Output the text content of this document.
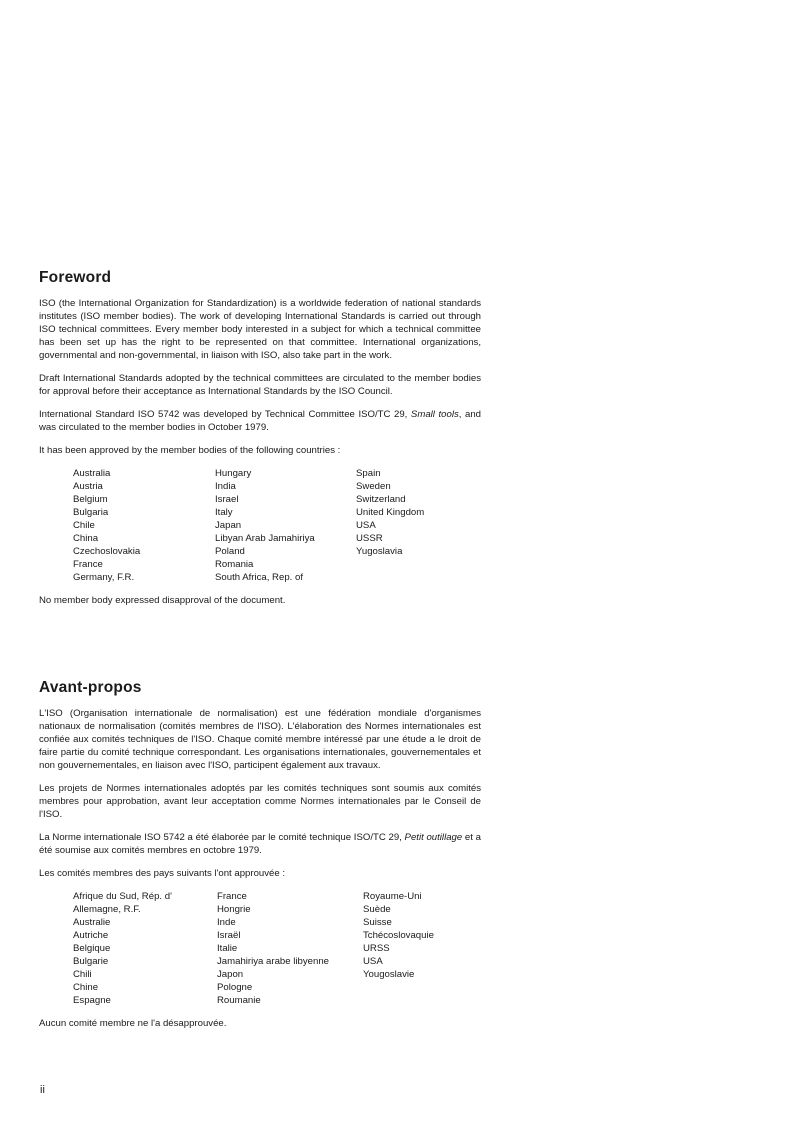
Foreword

ISO (the International Organization for Standardization) is a worldwide federation of national standards institutes (ISO member bodies). The work of developing International Standards is carried out through ISO technical committees. Every member body interested in a subject for which a technical committee has been set up has the right to be represented on that committee. International organizations, governmental and non-governmental, in liaison with ISO, also take part in the work.

Draft International Standards adopted by the technical committees are circulated to the member bodies for approval before their acceptance as International Standards by the ISO Council.

International Standard ISO 5742 was developed by Technical Committee ISO/TC 29, Small tools, and was circulated to the member bodies in October 1979.

It has been approved by the member bodies of the following countries :

Australia
Austria
Belgium
Bulgaria
Chile
China
Czechoslovakia
France
Germany, F.R.
Hungary
India
Israel
Italy
Japan
Libyan Arab Jamahiriya
Poland
Romania
South Africa, Rep. of
Spain
Sweden
Switzerland
United Kingdom
USA
USSR
Yugoslavia

No member body expressed disapproval of the document.

Avant-propos

L'ISO (Organisation internationale de normalisation) est une fédération mondiale d'organismes nationaux de normalisation (comités membres de l'ISO). L'élaboration des Normes internationales est confiée aux comités techniques de l'ISO. Chaque comité membre intéressé par une étude a le droit de faire partie du comité technique correspondant. Les organisations internationales, gouvernementales et non gouvernementales, en liaison avec l'ISO, participent également aux travaux.

Les projets de Normes internationales adoptés par les comités techniques sont soumis aux comités membres pour approbation, avant leur acceptation comme Normes internationales par le Conseil de l'ISO.

La Norme internationale ISO 5742 a été élaborée par le comité technique ISO/TC 29, Petit outillage et a été soumise aux comités membres en octobre 1979.

Les comités membres des pays suivants l'ont approuvée :

Afrique du Sud, Rép. d'
Allemagne, R.F.
Australie
Autriche
Belgique
Bulgarie
Chili
Chine
Espagne
France
Hongrie
Inde
Israël
Italie
Jamahiriya arabe libyenne
Japon
Pologne
Roumanie
Royaume-Uni
Suède
Suisse
Tchécoslovaquie
URSS
USA
Yougoslavie

Aucun comité membre ne l'a désapprouvée.

ii
